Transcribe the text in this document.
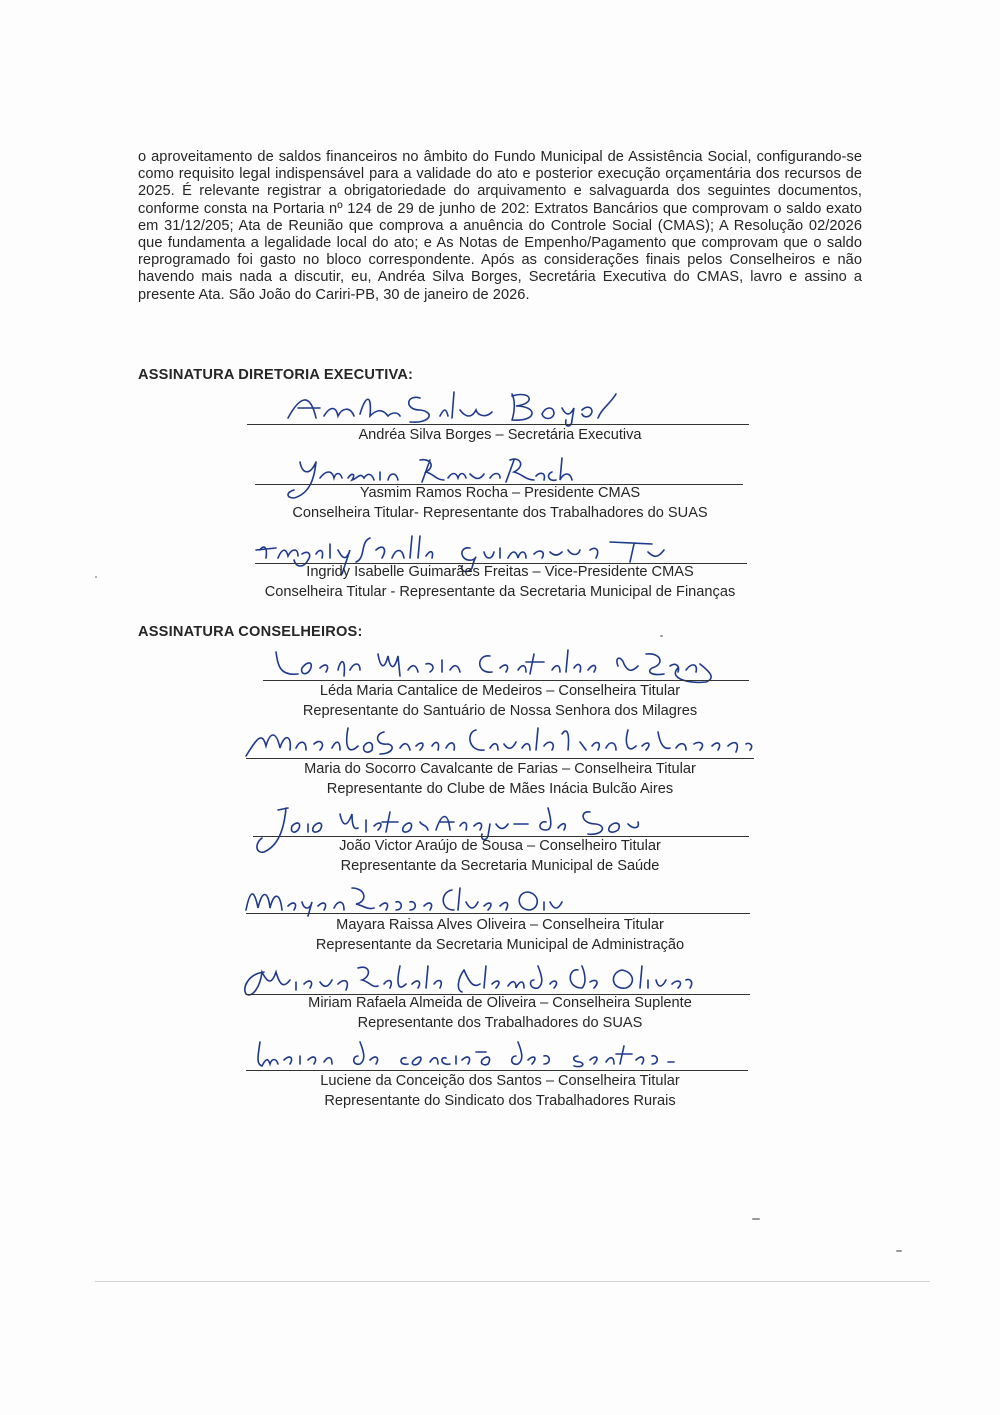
o aproveitamento de saldos financeiros no âmbito do Fundo Municipal de Assistência Social, configurando-se como requisito legal indispensável para a validade do ato e posterior execução orçamentária dos recursos de 2025. É relevante registrar a obrigatoriedade do arquivamento e salvaguarda dos seguintes documentos, conforme consta na Portaria nº 124 de 29 de junho de 202: Extratos Bancários que comprovam o saldo exato em 31/12/205; Ata de Reunião que comprova a anuência do Controle Social (CMAS); A Resolução 02/2026 que fundamenta a legalidade local do ato; e As Notas de Empenho/Pagamento que comprovam que o saldo reprogramado foi gasto no bloco correspondente. Após as considerações finais pelos Conselheiros e não havendo mais nada a discutir, eu, Andréa Silva Borges, Secretária Executiva do CMAS, lavro e assino a presente Ata. São João do Cariri-PB, 30 de janeiro de 2026.

ASSINATURA DIRETORIA EXECUTIVA:
Andréa Silva Borges – Secretária Executiva
Yasmim Ramos Rocha – Presidente CMAS
Conselheira Titular- Representante dos Trabalhadores do SUAS
Ingridy Isabelle Guimarães Freitas – Vice-Presidente CMAS
Conselheira Titular - Representante da Secretaria Municipal de Finanças
ASSINATURA CONSELHEIROS:
Léda Maria Cantalice de Medeiros – Conselheira Titular
Representante do Santuário de Nossa Senhora dos Milagres
Maria do Socorro Cavalcante de Farias – Conselheira Titular
Representante do Clube de Mães Inácia Bulcão Aires
João Victor Araújo de Sousa – Conselheiro Titular
Representante da Secretaria Municipal de Saúde
Mayara Raissa Alves Oliveira – Conselheira Titular
Representante da Secretaria Municipal de Administração
Miriam Rafaela Almeida de Oliveira – Conselheira Suplente
Representante dos Trabalhadores do SUAS
Luciene da Conceição dos Santos – Conselheira Titular
Representante do Sindicato dos Trabalhadores Rurais
